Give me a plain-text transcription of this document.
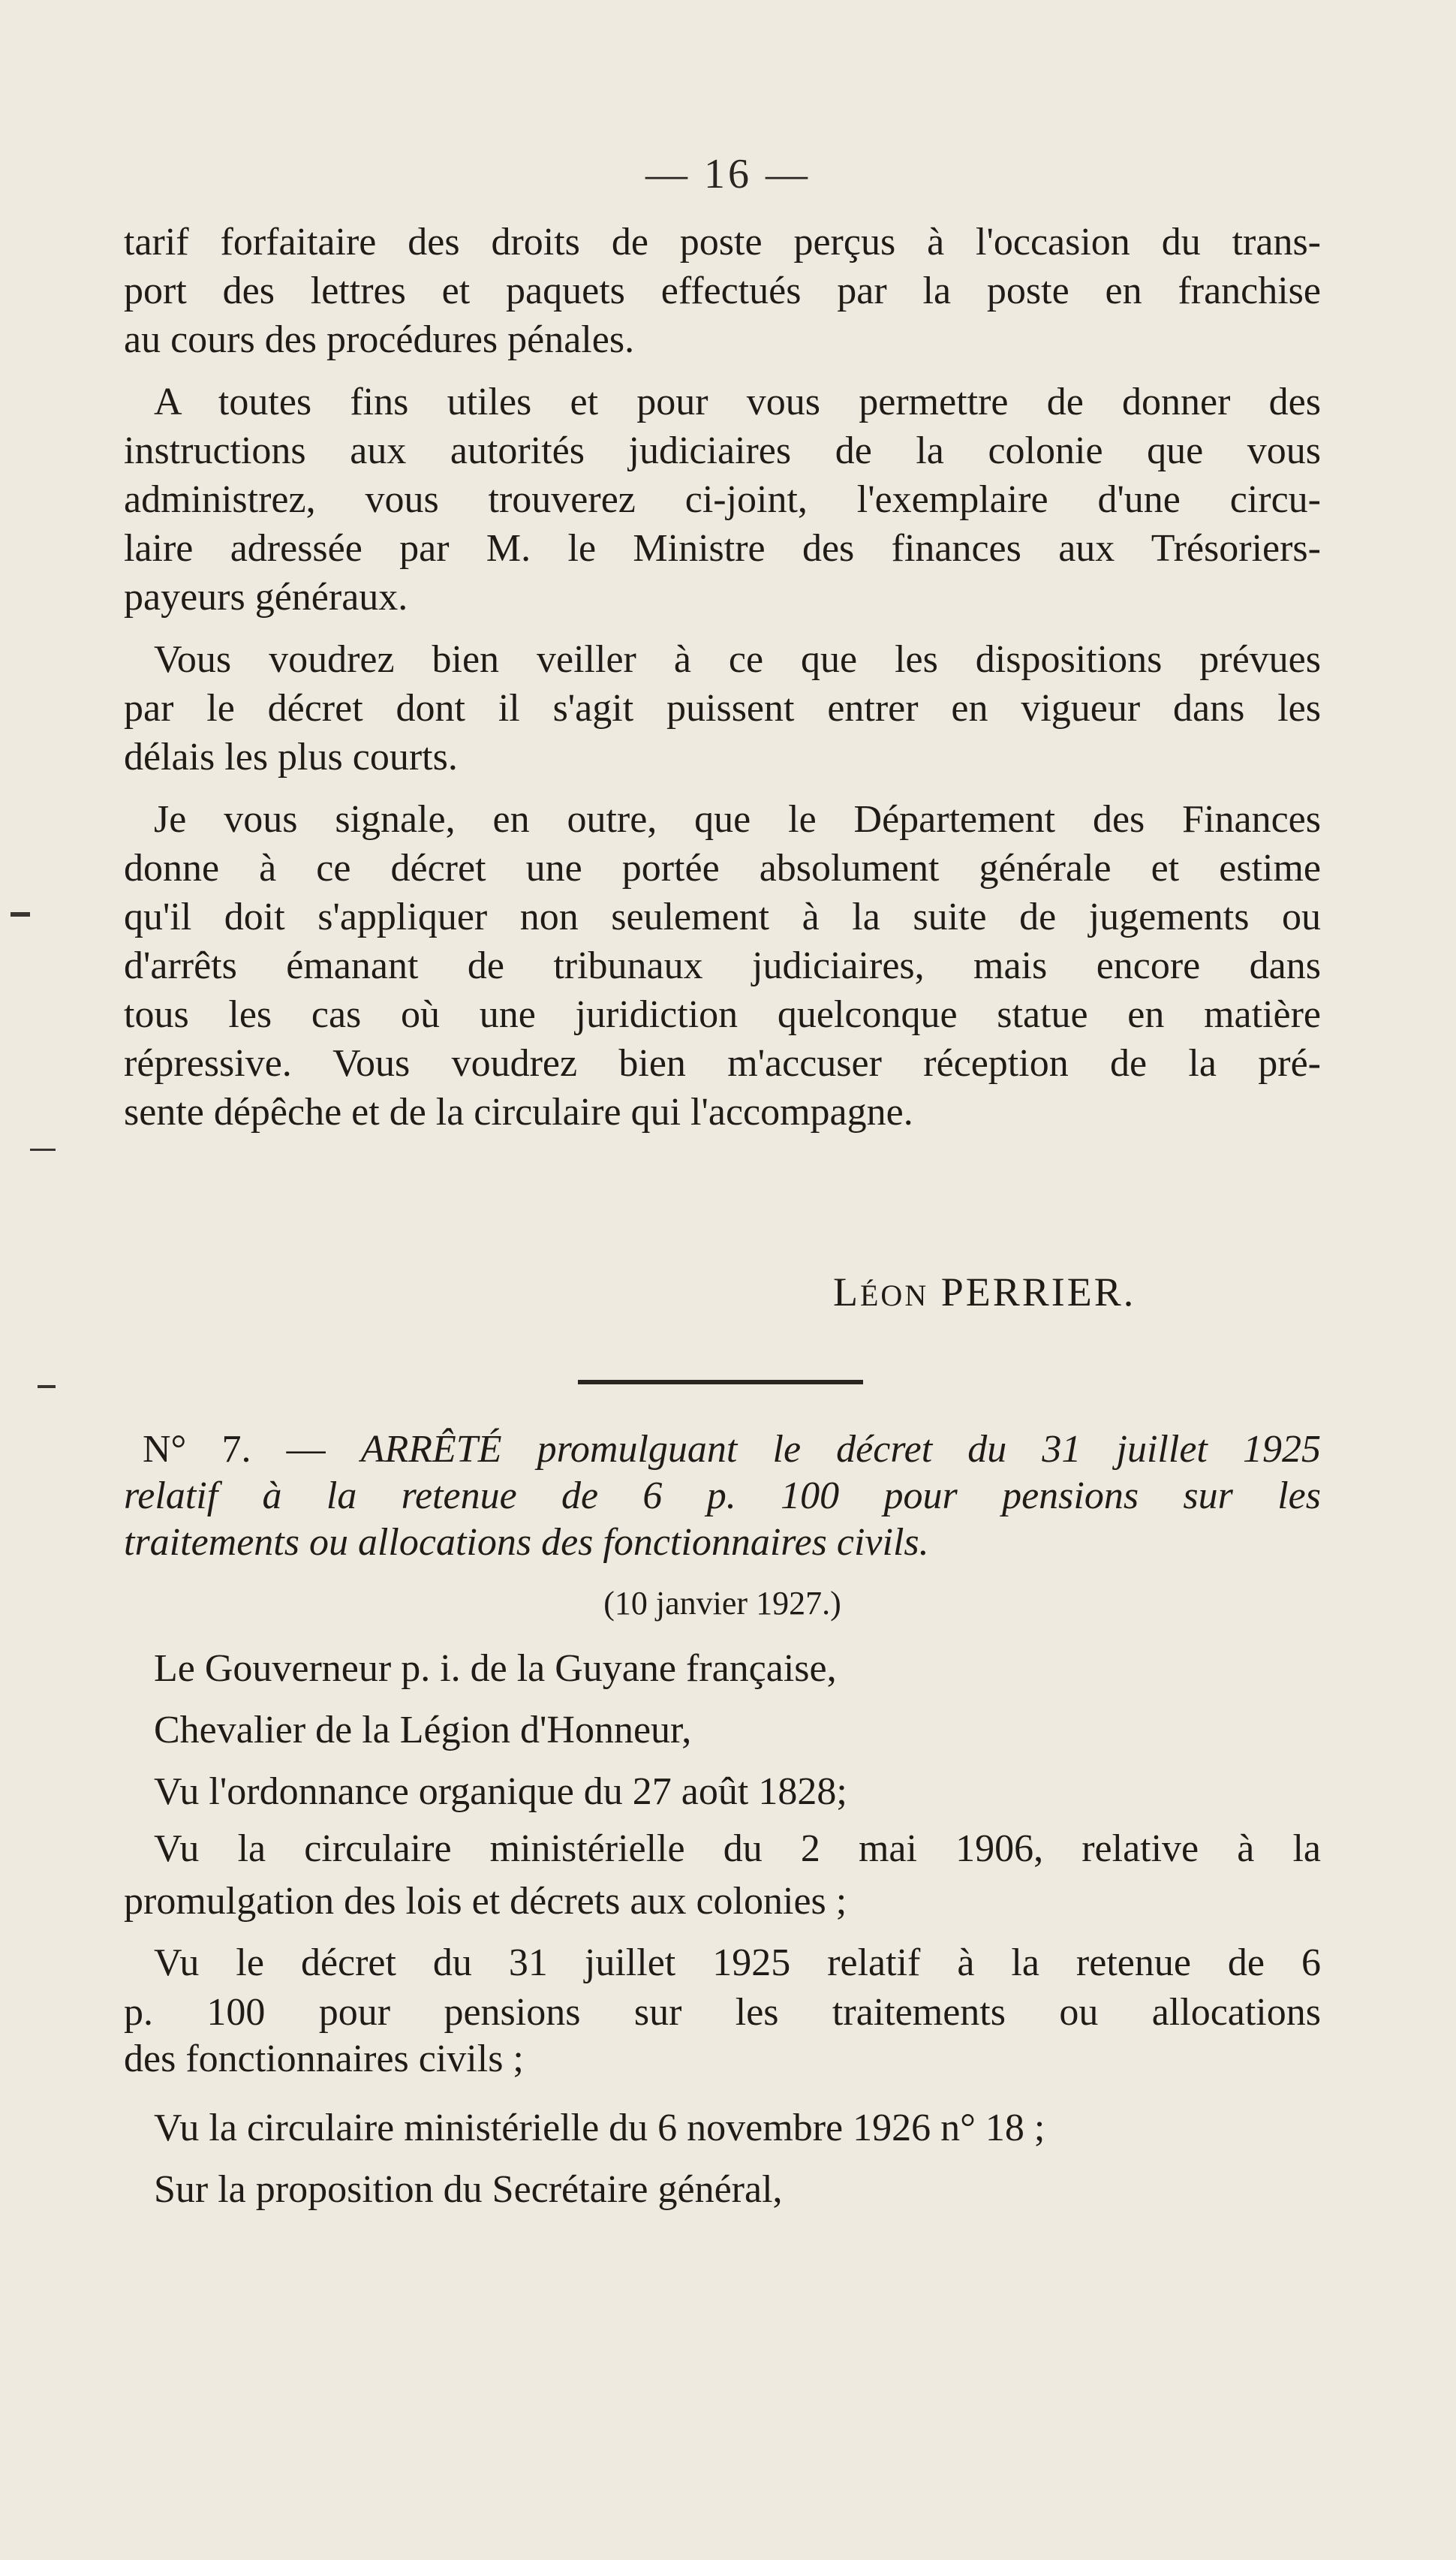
— 16 —
tarif forfaitaire des droits de poste perçus à l'occasion du trans-
port des lettres et paquets effectués par la poste en franchise
au cours des procédures pénales.
A toutes fins utiles et pour vous permettre de donner des
instructions aux autorités judiciaires de la colonie que vous
administrez, vous trouverez ci-joint, l'exemplaire d'une circu-
laire adressée par M. le Ministre des finances aux Trésoriers-
payeurs généraux.
Vous voudrez bien veiller à ce que les dispositions prévues
par le décret dont il s'agit puissent entrer en vigueur dans les
délais les plus courts.
Je vous signale, en outre, que le Département des Finances
donne à ce décret une portée absolument générale et estime
qu'il doit s'appliquer non seulement à la suite de jugements ou
d'arrêts émanant de tribunaux judiciaires, mais encore dans
tous les cas où une juridiction quelconque statue en matière
répressive. Vous voudrez bien m'accuser réception de la pré-
sente dépêche et de la circulaire qui l'accompagne.
LÉON PERRIER.
N° 7. — ARRÊTÉ promulguant le décret du 31 juillet 1925
relatif à la retenue de 6 p. 100 pour pensions sur les
traitements ou allocations des fonctionnaires civils.
(10 janvier 1927.)
Le Gouverneur p. i. de la Guyane française,
Chevalier de la Légion d'Honneur,
Vu l'ordonnance organique du 27 août 1828;
Vu la circulaire ministérielle du 2 mai 1906, relative à la
promulgation des lois et décrets aux colonies ;
Vu le décret du 31 juillet 1925 relatif à la retenue de 6
p. 100 pour pensions sur les traitements ou allocations
des fonctionnaires civils ;
Vu la circulaire ministérielle du 6 novembre 1926 n° 18 ;
Sur la proposition du Secrétaire général,
